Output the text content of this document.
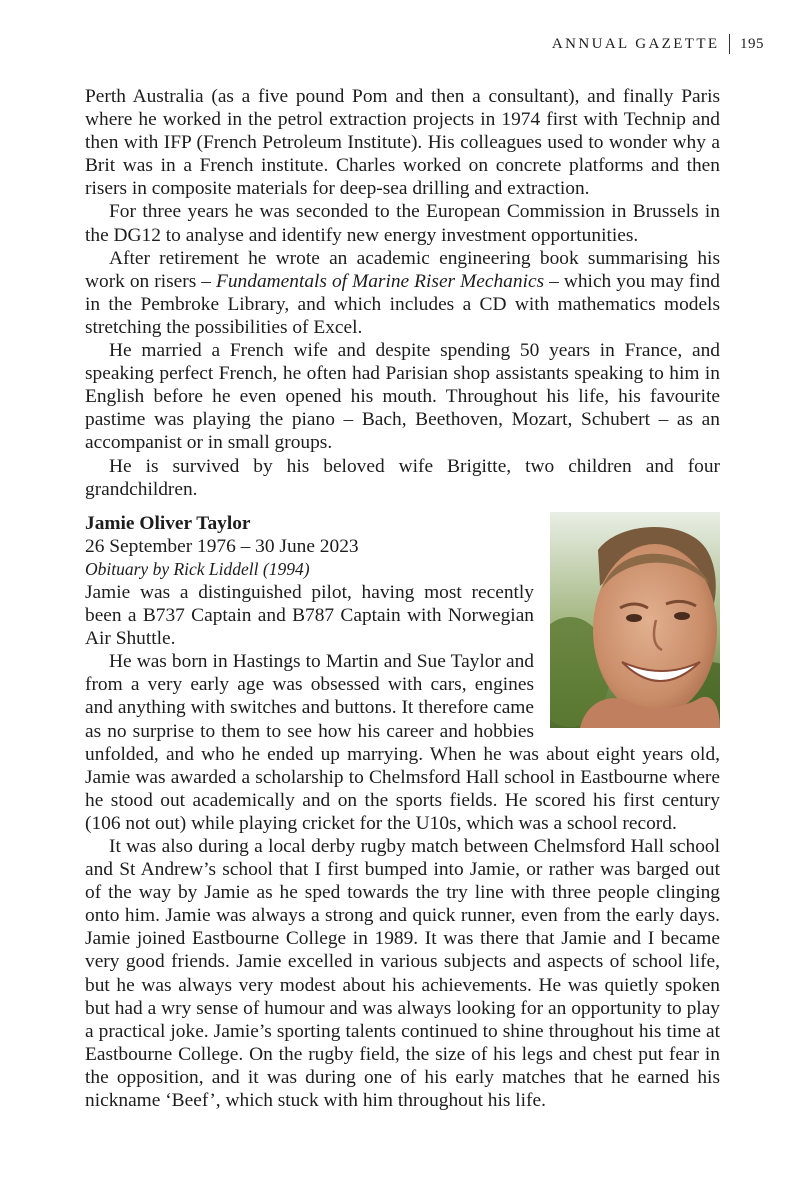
ANNUAL GAZETTE 195

Perth Australia (as a five pound Pom and then a consultant), and finally Paris where he worked in the petrol extraction projects in 1974 first with Technip and then with IFP (French Petroleum Institute). His colleagues used to wonder why a Brit was in a French institute. Charles worked on concrete platforms and then risers in composite materials for deep-sea drilling and extraction.

For three years he was seconded to the European Commission in Brussels in the DG12 to analyse and identify new energy investment opportunities.

After retirement he wrote an academic engineering book summarising his work on risers – Fundamentals of Marine Riser Mechanics – which you may find in the Pembroke Library, and which includes a CD with mathematics models stretching the possibilities of Excel.

He married a French wife and despite spending 50 years in France, and speaking perfect French, he often had Parisian shop assistants speaking to him in English before he even opened his mouth. Throughout his life, his favourite pastime was playing the piano – Bach, Beethoven, Mozart, Schubert – as an accompanist or in small groups.

He is survived by his beloved wife Brigitte, two children and four grandchildren.

Jamie Oliver Taylor

26 September 1976 – 30 June 2023

Obituary by Rick Liddell (1994)

Jamie was a distinguished pilot, having most recently been a B737 Captain and B787 Captain with Norwegian Air Shuttle.

He was born in Hastings to Martin and Sue Taylor and from a very early age was obsessed with cars, engines and anything with switches and buttons. It therefore came as no surprise to them to see how his career and hobbies unfolded, and who he ended up marrying. When he was about eight years old, Jamie was awarded a scholarship to Chelmsford Hall school in Eastbourne where he stood out academically and on the sports fields. He scored his first century (106 not out) while playing cricket for the U10s, which was a school record.

It was also during a local derby rugby match between Chelmsford Hall school and St Andrew’s school that I first bumped into Jamie, or rather was barged out of the way by Jamie as he sped towards the try line with three people clinging onto him. Jamie was always a strong and quick runner, even from the early days. Jamie joined Eastbourne College in 1989. It was there that Jamie and I became very good friends. Jamie excelled in various subjects and aspects of school life, but he was always very modest about his achievements. He was quietly spoken but had a wry sense of humour and was always looking for an opportunity to play a practical joke. Jamie’s sporting talents continued to shine throughout his time at Eastbourne College. On the rugby field, the size of his legs and chest put fear in the opposition, and it was during one of his early matches that he earned his nickname ‘Beef’, which stuck with him throughout his life.
